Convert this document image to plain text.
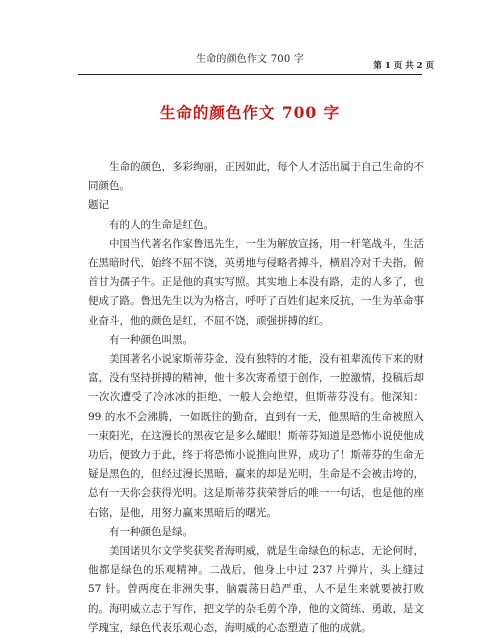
生命的颜色作文 700 字
第 1 页 共 2 页
生命的颜色作文 700 字

生命的颜色，多彩绚丽，正因如此，每个人才活出属于自己生命的不同颜色。

题记

有的人的生命是红色。

中国当代著名作家鲁迅先生，一生为解放宣扬，用一杆笔战斗，生活在黑暗时代，始终不屈不饶，英勇地与侵略者搏斗，横眉冷对千夫指，俯首甘为孺子牛。正是他的真实写照。其实地上本没有路，走的人多了，也便成了路。鲁迅先生以为为格言，呼吁了百姓们起来反抗，一生为革命事业奋斗，他的颜色是红，不屈不饶，顽强拼搏的红。

有一种颜色叫黑。

美国著名小说家斯蒂芬金，没有独特的才能，没有祖辈流传下来的财富，没有坚持拼搏的精神，他十多次寄希望于创作，一腔激情，投稿后却一次次遭受了冷冰冰的拒绝，一般人会绝望，但斯蒂芬没有。他深知：99 的水不会沸腾，一如既往的勤奋，直到有一天，他黑暗的生命被照入一束阳光，在这漫长的黑夜它是多么耀眼！斯蒂芬知道是恐怖小说使他成功后，便致力于此，终于将恐怖小说推向世界，成功了！斯蒂芬的生命无疑是黑色的，但经过漫长黑暗，赢来的却是光明，生命是不会被击垮的，总有一天你会获得光明。这是斯蒂芬获荣誉后的唯一一句话，也是他的座右铭，是他，用努力赢来黑暗后的曙光。

有一种颜色是绿。

美国诺贝尔文学奖获奖者海明威，就是生命绿色的标志，无论何时，他都是绿色的乐观精神。二战后，他身上中过 237 片弹片，头上缝过 57 针。曾两度在非洲失事，脑震荡日趋严重，人不是生来就要被打败的。海明威立志于写作，把文学的杂毛剪个净，他的文简练、勇敢，是文学瑰宝，绿色代表乐观心态，海明威的心态塑造了他的成就。
